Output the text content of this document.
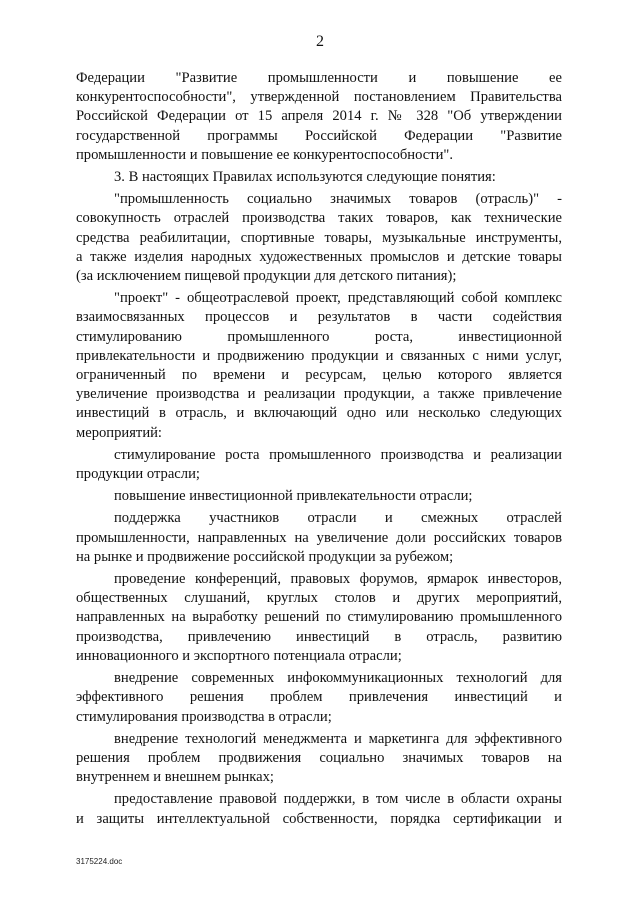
2
Федерации "Развитие промышленности и повышение ее
конкурентоспособности", утвержденной постановлением Правительства
Российской Федерации от 15 апреля 2014 г. № 328 "Об утверждении
государственной программы Российской Федерации "Развитие
промышленности и повышение ее конкурентоспособности".
3. В настоящих Правилах используются следующие понятия:
"промышленность социально значимых товаров (отрасль)" -
совокупность отраслей производства таких товаров, как технические
средства реабилитации, спортивные товары, музыкальные инструменты,
а также изделия народных художественных промыслов и детские товары
(за исключением пищевой продукции для детского питания);
"проект" - общеотраслевой проект, представляющий собой комплекс
взаимосвязанных процессов и результатов в части содействия
стимулированию промышленного роста, инвестиционной
привлекательности и продвижению продукции и связанных с ними услуг,
ограниченный по времени и ресурсам, целью которого является
увеличение производства и реализации продукции, а также привлечение
инвестиций в отрасль, и включающий одно или несколько следующих
мероприятий:
стимулирование роста промышленного производства и реализации
продукции отрасли;
повышение инвестиционной привлекательности отрасли;
поддержка участников отрасли и смежных отраслей
промышленности, направленных на увеличение доли российских товаров
на рынке и продвижение российской продукции за рубежом;
проведение конференций, правовых форумов, ярмарок инвесторов,
общественных слушаний, круглых столов и других мероприятий,
направленных на выработку решений по стимулированию промышленного
производства, привлечению инвестиций в отрасль, развитию
инновационного и экспортного потенциала отрасли;
внедрение современных инфокоммуникационных технологий для
эффективного решения проблем привлечения инвестиций и
стимулирования производства в отрасли;
внедрение технологий менеджмента и маркетинга для эффективного
решения проблем продвижения социально значимых товаров на
внутреннем и внешнем рынках;
предоставление правовой поддержки, в том числе в области охраны
и защиты интеллектуальной собственности, порядка сертификации и
3175224.doc
